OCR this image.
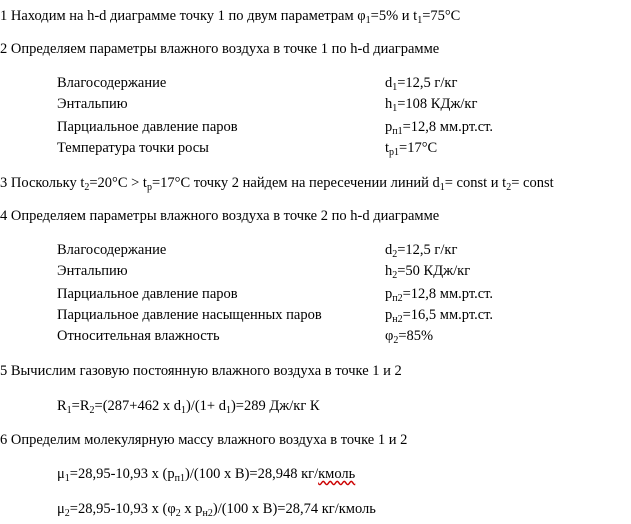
1 Находим на h-d диаграмме точку 1 по двум параметрам $\varphi_1=5\%$ и $t_1=75^\circ С$
2 Определяем параметры влажного воздуха в точке 1 по h-d диаграмме
Влагосодержание	$d_1=12,5$ г/кг
Энтальпию	$h_1=108$ КДж/кг
Парциальное давление паров	$p_{п1}=12,8$ мм.рт.ст.
Температура точки росы	$t_{p1}=17^\circ С$
3 Поскольку $t_2=20^\circ С > t_p=17^\circ С$ точку 2 найдем на пересечении линий $d_1=$ const и $t_2=$ const
4 Определяем параметры влажного воздуха в точке 2 по h-d диаграмме
Влагосодержание	$d_2=12,5$ г/кг
Энтальпию	$h_2=50$ КДж/кг
Парциальное давление паров	$p_{п2}=12,8$ мм.рт.ст.
Парциальное давление насыщенных паров	$p_{н2}=16,5$ мм.рт.ст.
Относительная влажность	$\varphi_2=85\%$
5 Вычислим газовую постоянную влажного воздуха в точке 1 и 2
$R_1=R_2=(287+462$ x $d_1)/(1+ d_1)=289$ Дж/кг К
6 Определим молекулярную массу влажного воздуха в точке 1 и 2
$\mu_1=28,95-10,93$ x $(p_{п1})/(100$ x B)=28,948 кг/кмоль
$\mu_2=28,95-10,93$ x ($\varphi_2$ x $p_{н2})/(100$ x B)=28,74 кг/кмоль
